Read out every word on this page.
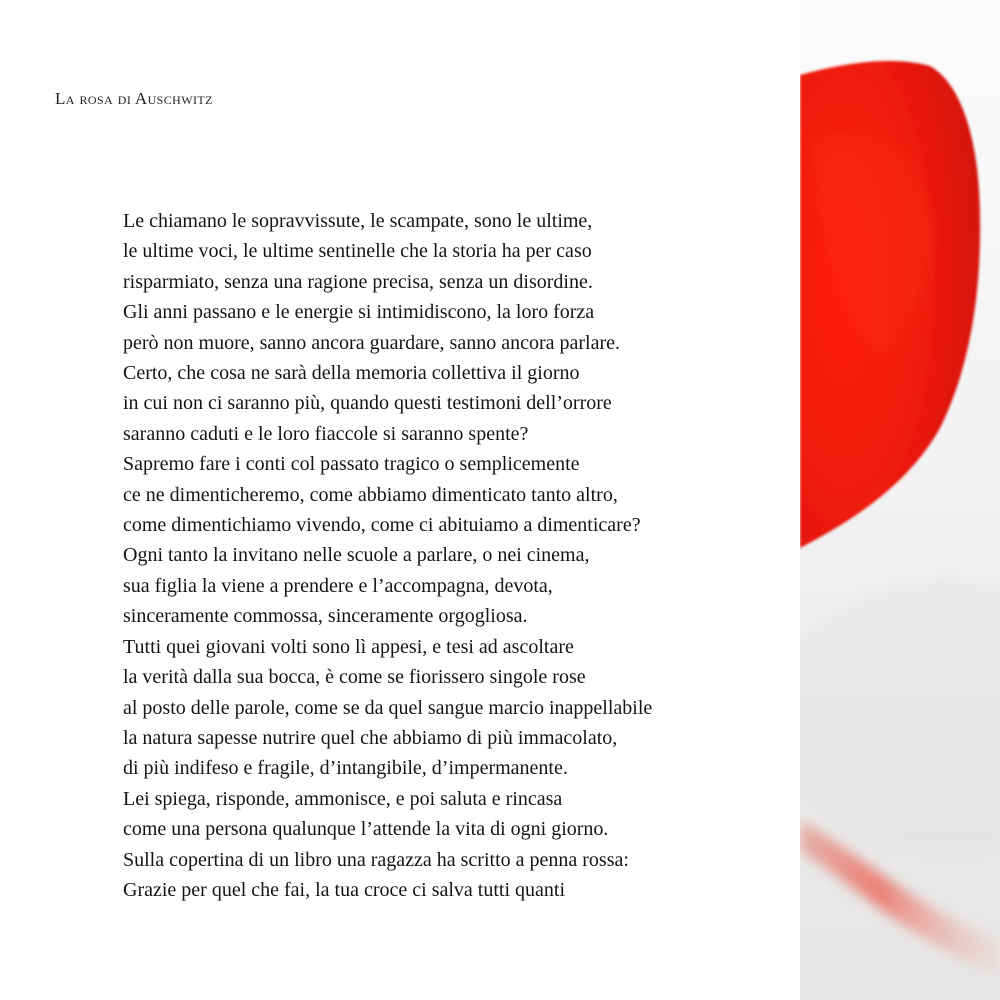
La rosa di Auschwitz
Le chiamano le sopravvissute, le scampate, sono le ultime,
le ultime voci, le ultime sentinelle che la storia ha per caso
risparmiato, senza una ragione precisa, senza un disordine.
Gli anni passano e le energie si intimidiscono, la loro forza
però non muore, sanno ancora guardare, sanno ancora parlare.
Certo, che cosa ne sarà della memoria collettiva il giorno
in cui non ci saranno più, quando questi testimoni dell’orrore
saranno caduti e le loro fiaccole si saranno spente?
Sapremo fare i conti col passato tragico o semplicemente
ce ne dimenticheremo, come abbiamo dimenticato tanto altro,
come dimentichiamo vivendo, come ci abituiamo a dimenticare?
Ogni tanto la invitano nelle scuole a parlare, o nei cinema,
sua figlia la viene a prendere e l’accompagna, devota,
sinceramente commossa, sinceramente orgogliosa.
Tutti quei giovani volti sono lì appesi, e tesi ad ascoltare
la verità dalla sua bocca, è come se fiorissero singole rose
al posto delle parole, come se da quel sangue marcio inappellabile
la natura sapesse nutrire quel che abbiamo di più immacolato,
di più indifeso e fragile, d’intangibile, d’impermanente.
Lei spiega, risponde, ammonisce, e poi saluta e rincasa
come una persona qualunque l’attende la vita di ogni giorno.
Sulla copertina di un libro una ragazza ha scritto a penna rossa:
Grazie per quel che fai, la tua croce ci salva tutti quanti
